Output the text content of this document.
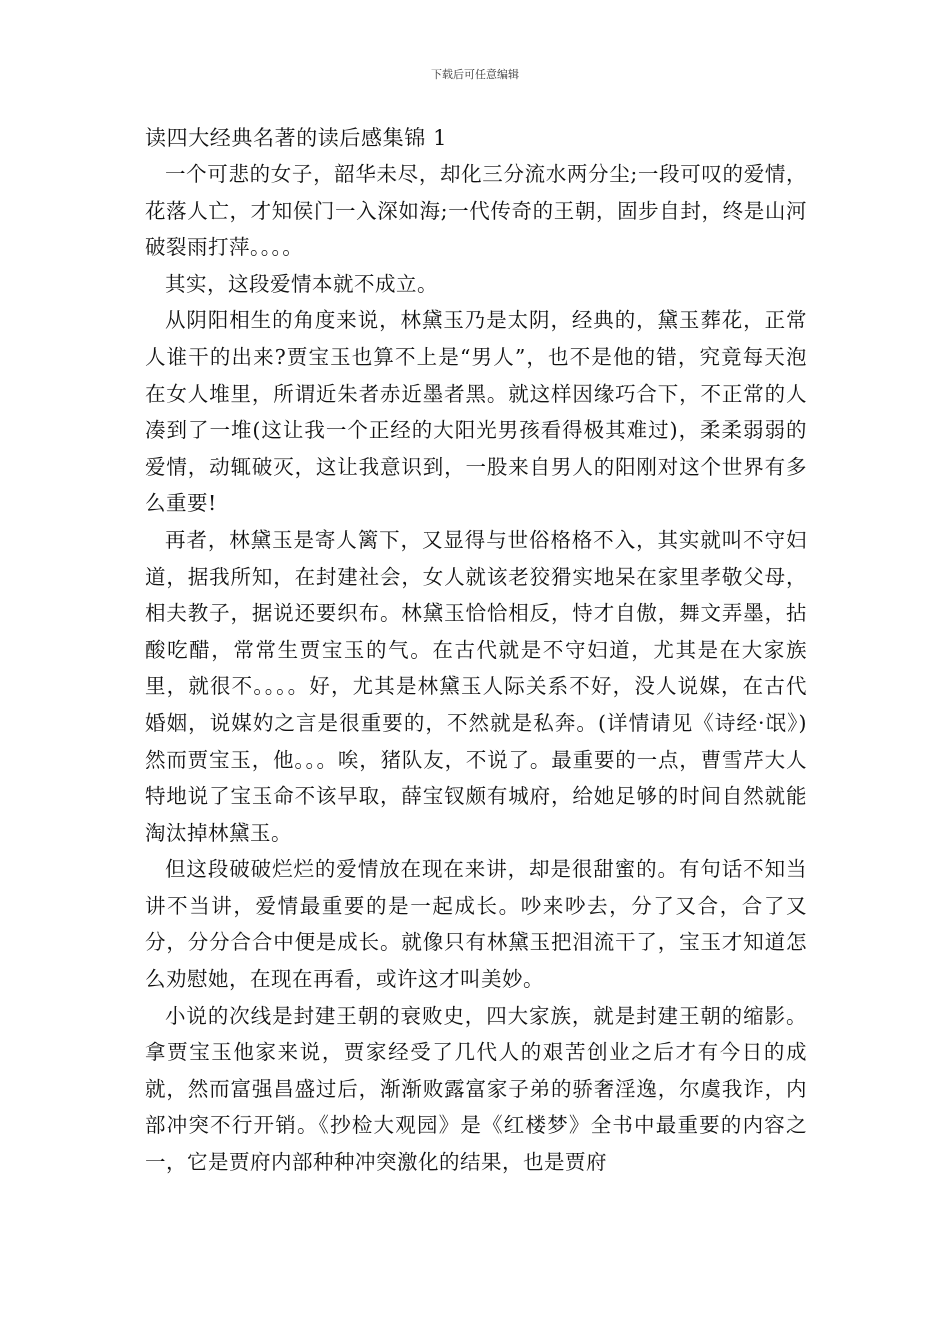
下载后可任意编辑
读四大经典名著的读后感集锦 1

一个可悲的女子，韶华未尽，却化三分流水两分尘;一段可叹的爱情，花落人亡，才知侯门一入深如海;一代传奇的王朝，固步自封，终是山河破裂雨打萍。。。。

其实，这段爱情本就不成立。

从阴阳相生的角度来说，林黛玉乃是太阴，经典的，黛玉葬花，正常人谁干的出来?贾宝玉也算不上是“男人”，也不是他的错，究竟每天泡在女人堆里，所谓近朱者赤近墨者黑。就这样因缘巧合下，不正常的人凑到了一堆(这让我一个正经的大阳光男孩看得极其难过)，柔柔弱弱的爱情，动辄破灭，这让我意识到，一股来自男人的阳刚对这个世界有多么重要!

再者，林黛玉是寄人篱下，又显得与世俗格格不入，其实就叫不守妇道，据我所知，在封建社会，女人就该老狡猾实地呆在家里孝敬父母，相夫教子，据说还要织布。林黛玉恰恰相反，恃才自傲，舞文弄墨，拈酸吃醋，常常生贾宝玉的气。在古代就是不守妇道，尤其是在大家族里，就很不。。。。好，尤其是林黛玉人际关系不好，没人说媒，在古代婚姻，说媒妁之言是很重要的，不然就是私奔。(详情请见《诗经·氓》)然而贾宝玉，他。。。唉，猪队友，不说了。最重要的一点，曹雪芹大人特地说了宝玉命不该早取，薛宝钗颇有城府，给她足够的时间自然就能淘汰掉林黛玉。

但这段破破烂烂的爱情放在现在来讲，却是很甜蜜的。有句话不知当讲不当讲，爱情最重要的是一起成长。吵来吵去，分了又合，合了又分，分分合合中便是成长。就像只有林黛玉把泪流干了，宝玉才知道怎么劝慰她，在现在再看，或许这才叫美妙。

小说的次线是封建王朝的衰败史，四大家族，就是封建王朝的缩影。拿贾宝玉他家来说，贾家经受了几代人的艰苦创业之后才有今日的成就，然而富强昌盛过后，渐渐败露富家子弟的骄奢淫逸，尔虞我诈，内部冲突不行开销。《抄检大观园》是《红楼梦》全书中最重要的内容之一，它是贾府内部种种冲突激化的结果，也是贾府
